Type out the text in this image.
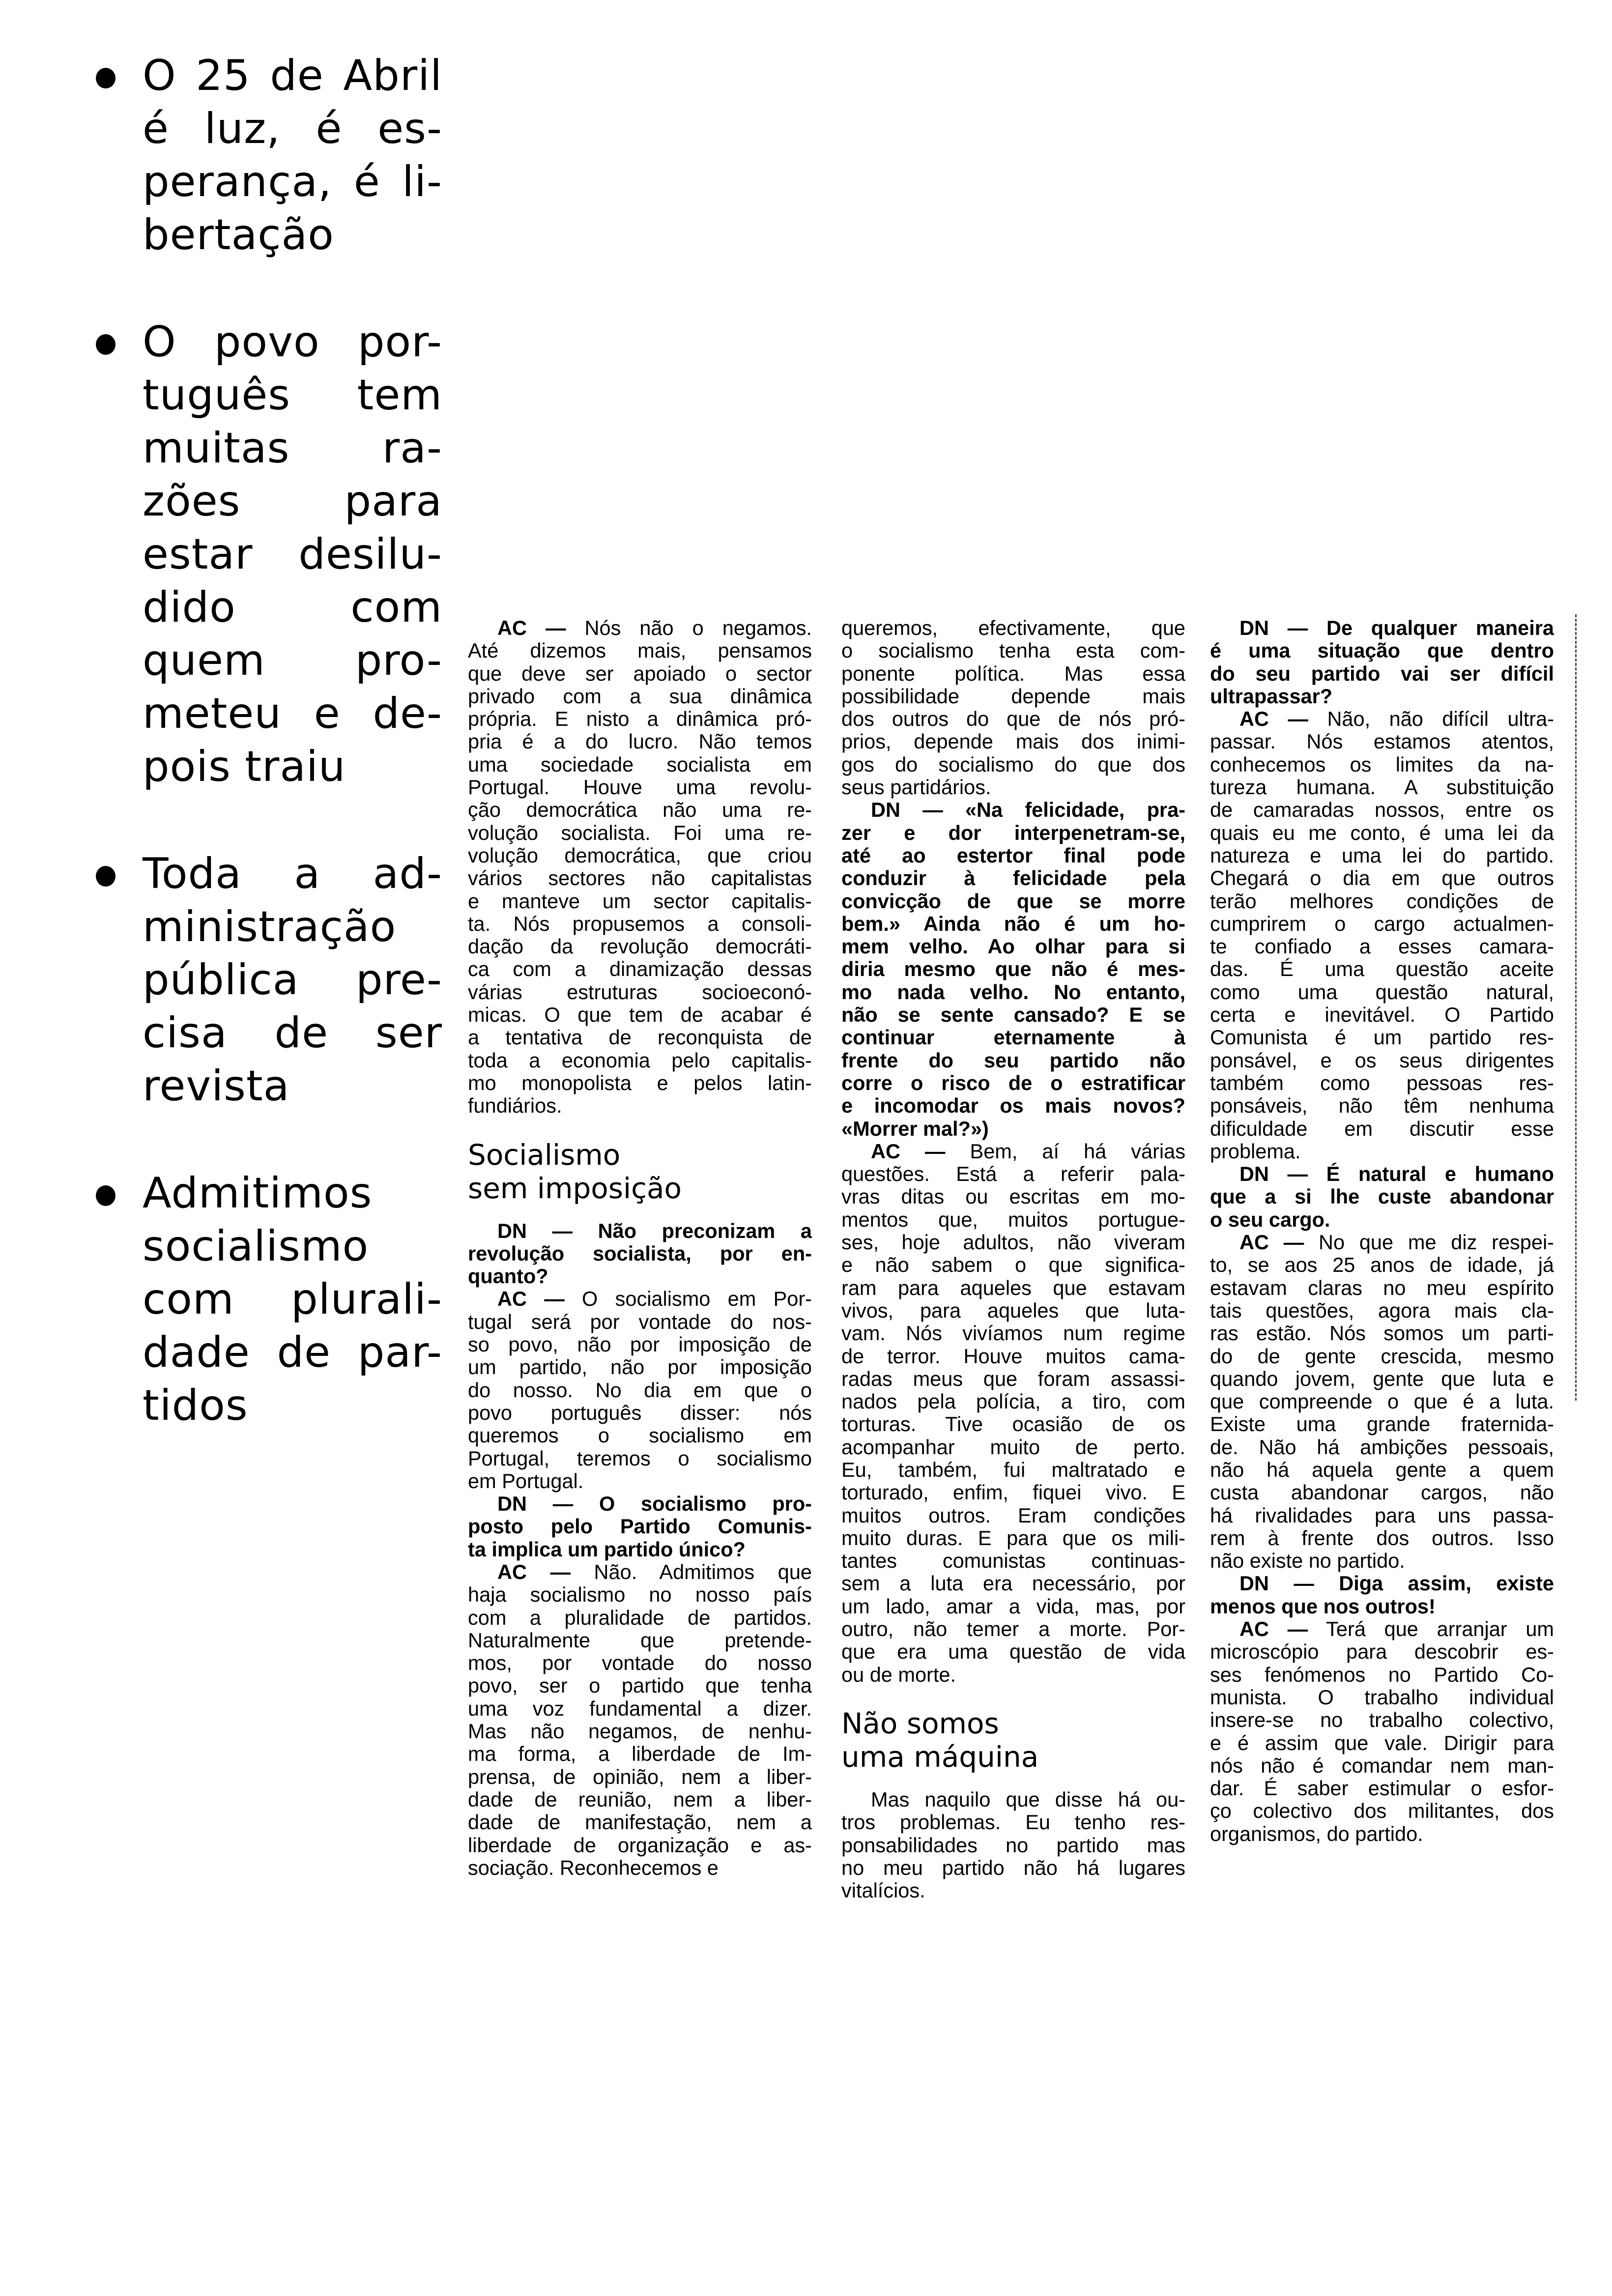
O 25 de Abril
é luz, é es-
perança, é li-
bertação
O povo por-
tuguês tem
muitas ra-
zões para
estar desilu-
dido com
quem pro-
meteu e de-
pois traiu
Toda a ad-
ministração
pública pre-
cisa de ser
revista
Admitimos
socialismo
com plurali-
dade de par-
tidos
AC — Nós não o negamos.
Até dizemos mais, pensamos
que deve ser apoiado o sector
privado com a sua dinâmica
própria. E nisto a dinâmica pró-
pria é a do lucro. Não temos
uma sociedade socialista em
Portugal. Houve uma revolu-
ção democrática não uma re-
volução socialista. Foi uma re-
volução democrática, que criou
vários sectores não capitalistas
e manteve um sector capitalis-
ta. Nós propusemos a consoli-
dação da revolução democráti-
ca com a dinamização dessas
várias estruturas socioeconó-
micas. O que tem de acabar é
a tentativa de reconquista de
toda a economia pelo capitalis-
mo monopolista e pelos latin-
fundiários.
Socialismo
sem imposição
DN — Não preconizam a
revolução socialista, por en-
quanto?
AC — O socialismo em Por-
tugal será por vontade do nos-
so povo, não por imposição de
um partido, não por imposição
do nosso. No dia em que o
povo português disser: nós
queremos o socialismo em
Portugal, teremos o socialismo
em Portugal.
DN — O socialismo pro-
posto pelo Partido Comunis-
ta implica um partido único?
AC — Não. Admitimos que
haja socialismo no nosso país
com a pluralidade de partidos.
Naturalmente que pretende-
mos, por vontade do nosso
povo, ser o partido que tenha
uma voz fundamental a dizer.
Mas não negamos, de nenhu-
ma forma, a liberdade de Im-
prensa, de opinião, nem a liber-
dade de reunião, nem a liber-
dade de manifestação, nem a
liberdade de organização e as-
sociação. Reconhecemos e
queremos, efectivamente, que
o socialismo tenha esta com-
ponente política. Mas essa
possibilidade depende mais
dos outros do que de nós pró-
prios, depende mais dos inimi-
gos do socialismo do que dos
seus partidários.
DN — «Na felicidade, pra-
zer e dor interpenetram-se,
até ao estertor final pode
conduzir à felicidade pela
convicção de que se morre
bem.» Ainda não é um ho-
mem velho. Ao olhar para si
diria mesmo que não é mes-
mo nada velho. No entanto,
não se sente cansado? E se
continuar eternamente à
frente do seu partido não
corre o risco de o estratificar
e incomodar os mais novos?
«Morrer mal?»)
AC — Bem, aí há várias
questões. Está a referir pala-
vras ditas ou escritas em mo-
mentos que, muitos portugue-
ses, hoje adultos, não viveram
e não sabem o que significa-
ram para aqueles que estavam
vivos, para aqueles que luta-
vam. Nós vivíamos num regime
de terror. Houve muitos cama-
radas meus que foram assassi-
nados pela polícia, a tiro, com
torturas. Tive ocasião de os
acompanhar muito de perto.
Eu, também, fui maltratado e
torturado, enfim, fiquei vivo. E
muitos outros. Eram condições
muito duras. E para que os mili-
tantes comunistas continuas-
sem a luta era necessário, por
um lado, amar a vida, mas, por
outro, não temer a morte. Por-
que era uma questão de vida
ou de morte.
Não somos
uma máquina
Mas naquilo que disse há ou-
tros problemas. Eu tenho res-
ponsabilidades no partido mas
no meu partido não há lugares
vitalícios.
DN — De qualquer maneira
é uma situação que dentro
do seu partido vai ser difícil
ultrapassar?
AC — Não, não difícil ultra-
passar. Nós estamos atentos,
conhecemos os limites da na-
tureza humana. A substituição
de camaradas nossos, entre os
quais eu me conto, é uma lei da
natureza e uma lei do partido.
Chegará o dia em que outros
terão melhores condições de
cumprirem o cargo actualmen-
te confiado a esses camara-
das. É uma questão aceite
como uma questão natural,
certa e inevitável. O Partido
Comunista é um partido res-
ponsável, e os seus dirigentes
também como pessoas res-
ponsáveis, não têm nenhuma
dificuldade em discutir esse
problema.
DN — É natural e humano
que a si lhe custe abandonar
o seu cargo.
AC — No que me diz respei-
to, se aos 25 anos de idade, já
estavam claras no meu espírito
tais questões, agora mais cla-
ras estão. Nós somos um parti-
do de gente crescida, mesmo
quando jovem, gente que luta e
que compreende o que é a luta.
Existe uma grande fraternida-
de. Não há ambições pessoais,
não há aquela gente a quem
custa abandonar cargos, não
há rivalidades para uns passa-
rem à frente dos outros. Isso
não existe no partido.
DN — Diga assim, existe
menos que nos outros!
AC — Terá que arranjar um
microscópio para descobrir es-
ses fenómenos no Partido Co-
munista. O trabalho individual
insere-se no trabalho colectivo,
e é assim que vale. Dirigir para
nós não é comandar nem man-
dar. É saber estimular o esfor-
ço colectivo dos militantes, dos
organismos, do partido.
